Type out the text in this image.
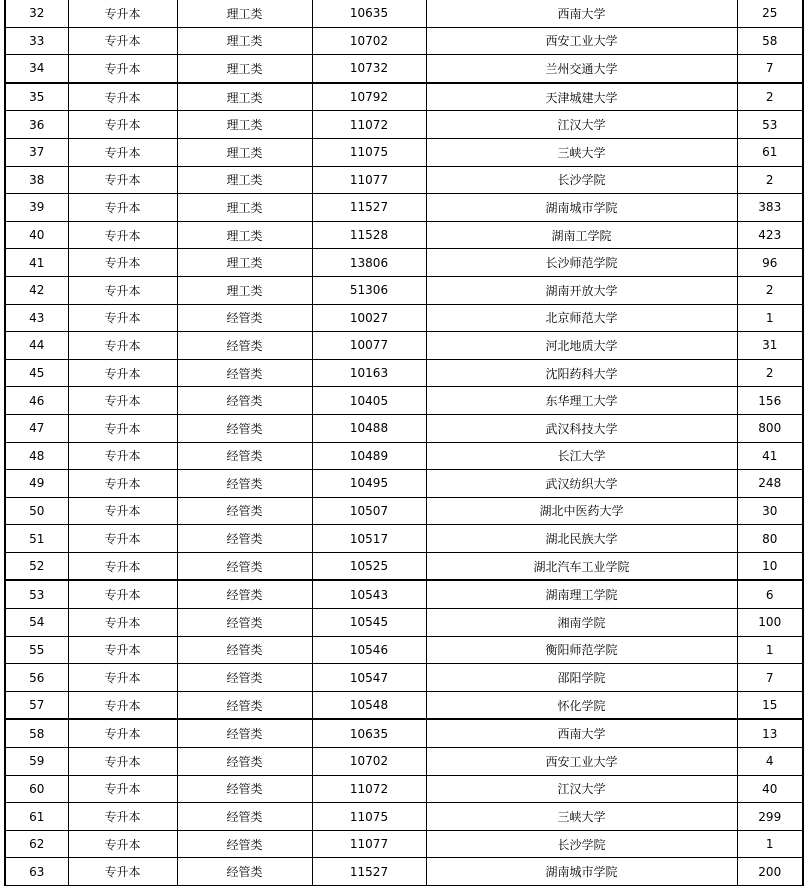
32	专升本	理工类	10635	西南大学	25
33	专升本	理工类	10702	西安工业大学	58
34	专升本	理工类	10732	兰州交通大学	7
35	专升本	理工类	10792	天津城建大学	2
36	专升本	理工类	11072	江汉大学	53
37	专升本	理工类	11075	三峡大学	61
38	专升本	理工类	11077	长沙学院	2
39	专升本	理工类	11527	湖南城市学院	383
40	专升本	理工类	11528	湖南工学院	423
41	专升本	理工类	13806	长沙师范学院	96
42	专升本	理工类	51306	湖南开放大学	2
43	专升本	经管类	10027	北京师范大学	1
44	专升本	经管类	10077	河北地质大学	31
45	专升本	经管类	10163	沈阳药科大学	2
46	专升本	经管类	10405	东华理工大学	156
47	专升本	经管类	10488	武汉科技大学	800
48	专升本	经管类	10489	长江大学	41
49	专升本	经管类	10495	武汉纺织大学	248
50	专升本	经管类	10507	湖北中医药大学	30
51	专升本	经管类	10517	湖北民族大学	80
52	专升本	经管类	10525	湖北汽车工业学院	10
53	专升本	经管类	10543	湖南理工学院	6
54	专升本	经管类	10545	湘南学院	100
55	专升本	经管类	10546	衡阳师范学院	1
56	专升本	经管类	10547	邵阳学院	7
57	专升本	经管类	10548	怀化学院	15
58	专升本	经管类	10635	西南大学	13
59	专升本	经管类	10702	西安工业大学	4
60	专升本	经管类	11072	江汉大学	40
61	专升本	经管类	11075	三峡大学	299
62	专升本	经管类	11077	长沙学院	1
63	专升本	经管类	11527	湖南城市学院	200
